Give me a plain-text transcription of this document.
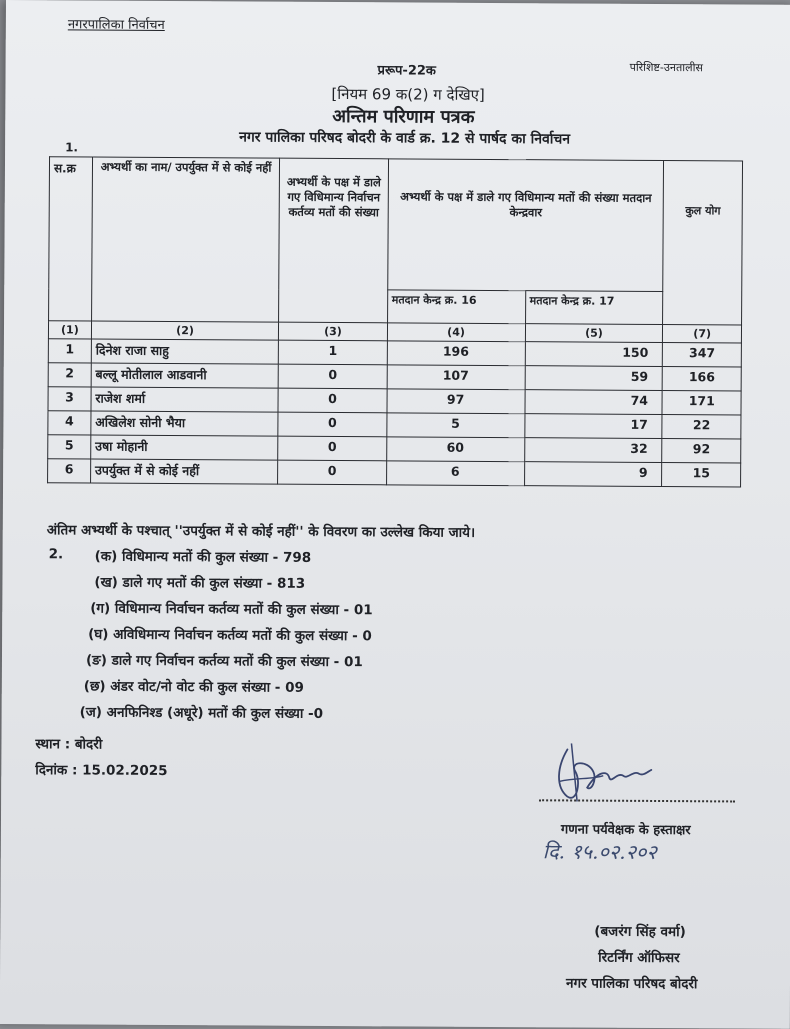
नगरपालिका निर्वाचन
परिशिष्ट-उनतालीस
प्ररूप-22क
[नियम 69 क(2) ग देखिए]
अन्तिम परिणाम पत्रक
नगर पालिका परिषद बोदरी के वार्ड क्र. 12 से पार्षद का निर्वाचन
1.
स.क्र	अभ्यर्थी का नाम/ उपर्युक्त में से कोई नहीं	अभ्यर्थी के पक्ष में डाले गए विधिमान्य निर्वाचन कर्तव्य मतों की संख्या	अभ्यर्थी के पक्ष में डाले गए विधिमान्य मतों की संख्या मतदान केन्द्रवार		कुल योग
			मतदान केन्द्र क्र. 16	मतदान केन्द्र क्र. 17	
(1)	(2)	(3)	(4)	(5)	(7)
1	दिनेश राजा साहु	1	196	150	347
2	बल्लू मोतीलाल आडवानी	0	107	59	166
3	राजेश शर्मा	0	97	74	171
4	अखिलेश सोनी भैया	0	5	17	22
5	उषा मोहानी	0	60	32	92
6	उपर्युक्त में से कोई नहीं	0	6	9	15
अंतिम अभ्यर्थी के पश्चात् ''उपर्युक्त में से कोई नहीं'' के विवरण का उल्लेख किया जाये।
2. (क) विधिमान्य मतों की कुल संख्या - 798
(ख) डाले गए मतों की कुल संख्या - 813
(ग) विधिमान्य निर्वाचन कर्तव्य मतों की कुल संख्या - 01
(घ) अविधिमान्य निर्वाचन कर्तव्य मतों की कुल संख्या - 0
(ङ) डाले गए निर्वाचन कर्तव्य मतों की कुल संख्या - 01
(छ) अंडर वोट/नो वोट की कुल संख्या - 09
(ज) अनफिनिश्ड (अधूरे) मतों की कुल संख्या -0
स्थान : बोदरी
दिनांक : 15.02.2025
गणना पर्यवेक्षक के हस्ताक्षर
दि. १५.०२.२०२
(बजरंग सिंह वर्मा)
रिटर्निंग ऑफिसर
नगर पालिका परिषद बोदरी
